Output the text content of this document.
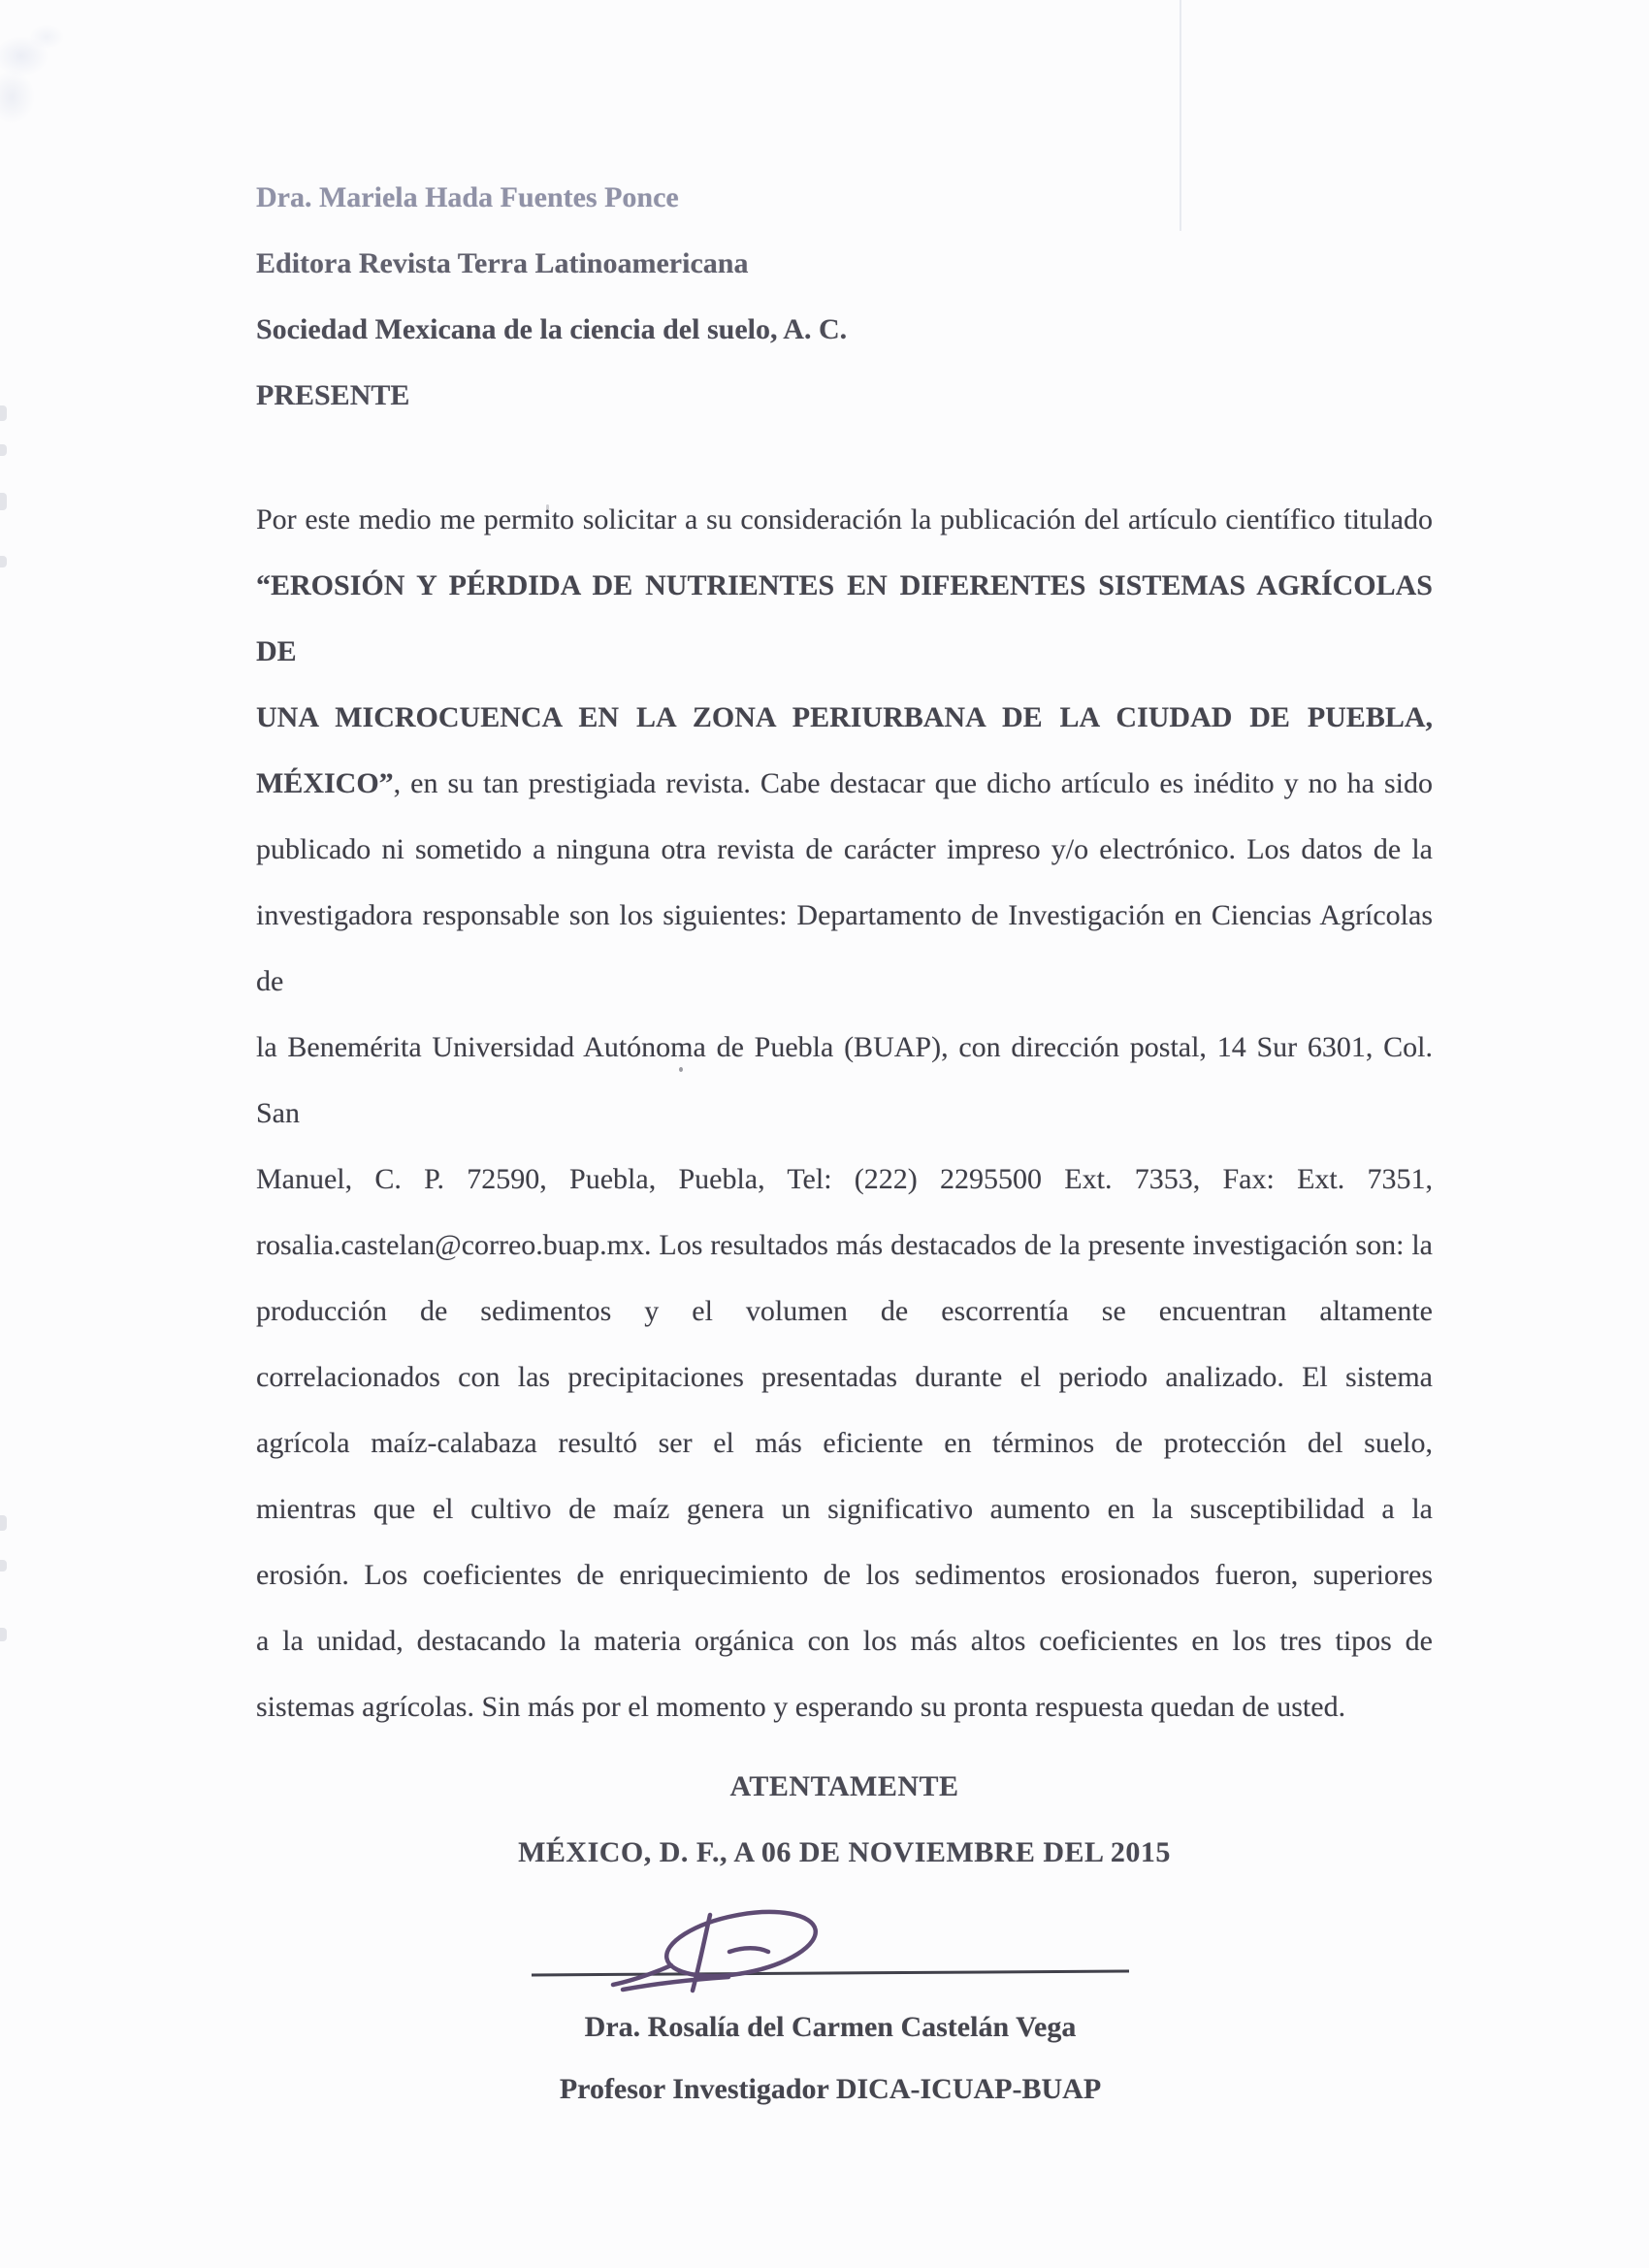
Dra. Mariela Hada Fuentes Ponce
Editora Revista Terra Latinoamericana
Sociedad Mexicana de la ciencia del suelo, A. C.
PRESENTE
Por este medio me permito solicitar a su consideración la publicación del artículo científico titulado
“EROSIÓN Y PÉRDIDA DE NUTRIENTES EN DIFERENTES SISTEMAS AGRÍCOLAS DE
UNA MICROCUENCA EN LA ZONA PERIURBANA DE LA CIUDAD DE PUEBLA,
MÉXICO”, en su tan prestigiada revista. Cabe destacar que dicho artículo es inédito y no ha sido
publicado ni sometido a ninguna otra revista de carácter impreso y/o electrónico. Los datos de la
investigadora responsable son los siguientes: Departamento de Investigación en Ciencias Agrícolas de
la Benemérita Universidad Autónoma de Puebla (BUAP), con dirección postal, 14 Sur 6301, Col. San
Manuel, C. P. 72590, Puebla, Puebla, Tel: (222) 2295500 Ext. 7353, Fax: Ext. 7351,
rosalia.castelan@correo.buap.mx. Los resultados más destacados de la presente investigación son: la
producción de sedimentos y el volumen de escorrentía se encuentran altamente
correlacionados con las precipitaciones presentadas durante el periodo analizado. El sistema
agrícola maíz-calabaza resultó ser el más eficiente en términos de protección del suelo,
mientras que el cultivo de maíz genera un significativo aumento en la susceptibilidad a la
erosión. Los coeficientes de enriquecimiento de los sedimentos erosionados fueron, superiores
a la unidad, destacando la materia orgánica con los más altos coeficientes en los tres tipos de
sistemas agrícolas. Sin más por el momento y esperando su pronta respuesta quedan de usted.
ATENTAMENTE
MÉXICO, D. F., A 06 DE NOVIEMBRE DEL 2015
Dra. Rosalía del Carmen Castelán Vega
Profesor Investigador DICA-ICUAP-BUAP
